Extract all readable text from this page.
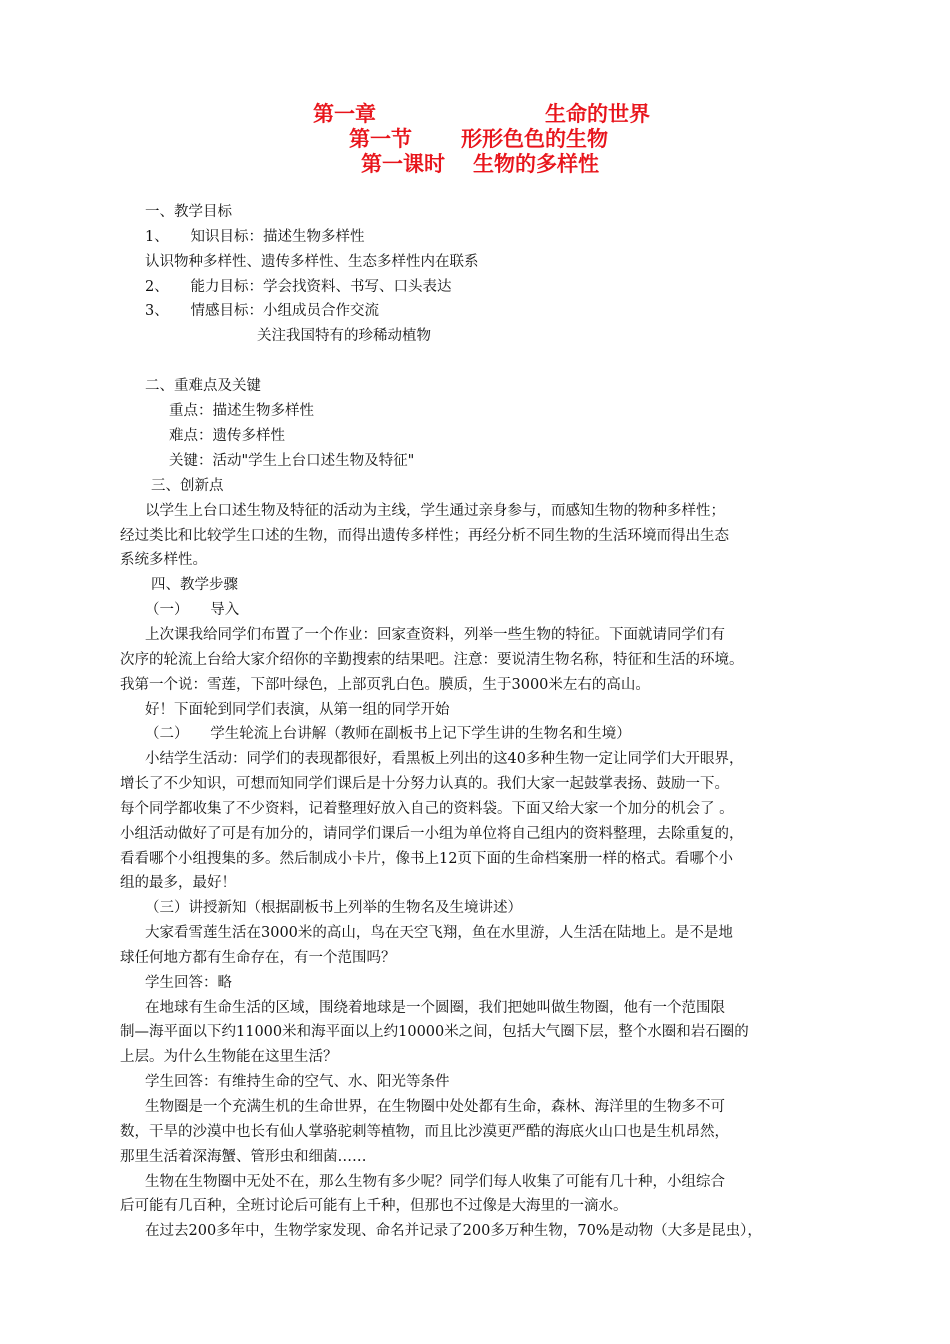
第一章	生命的世界
第一节 形形色色的生物
第一课时 生物的多样性
一、教学目标
1、　　知识目标：描述生物多样性
认识物种多样性、遗传多样性、生态多样性内在联系
2、　　能力目标：学会找资料、书写、口头表达
3、　　情感目标：小组成员合作交流
关注我国特有的珍稀动植物
二、重难点及关键
重点：描述生物多样性
难点：遗传多样性
关键：活动"学生上台口述生物及特征"
三、创新点
以学生上台口述生物及特征的活动为主线，学生通过亲身参与，而感知生物的物种多样性；
经过类比和比较学生口述的生物，而得出遗传多样性；再经分析不同生物的生活环境而得出生态
系统多样性。
四、教学步骤
（一）　　导入
上次课我给同学们布置了一个作业：回家查资料，列举一些生物的特征。下面就请同学们有
次序的轮流上台给大家介绍你的辛勤搜索的结果吧。注意：要说清生物名称，特征和生活的环境。
我第一个说：雪莲，下部叶绿色，上部页乳白色。膜质，生于3000米左右的高山。
好！下面轮到同学们表演，从第一组的同学开始
（二）　　学生轮流上台讲解（教师在副板书上记下学生讲的生物名和生境）
小结学生活动：同学们的表现都很好，看黑板上列出的这40多种生物一定让同学们大开眼界，
增长了不少知识，可想而知同学们课后是十分努力认真的。我们大家一起鼓掌表扬、鼓励一下。
每个同学都收集了不少资料，记着整理好放入自己的资料袋。下面又给大家一个加分的机会了 。
小组活动做好了可是有加分的，请同学们课后一小组为单位将自己组内的资料整理，去除重复的，
看看哪个小组搜集的多。然后制成小卡片，像书上12页下面的生命档案册一样的格式。看哪个小
组的最多，最好！
（三）讲授新知（根据副板书上列举的生物名及生境讲述）
大家看雪莲生活在3000米的高山，鸟在天空飞翔，鱼在水里游，人生活在陆地上。是不是地
球任何地方都有生命存在，有一个范围吗？
学生回答：略
在地球有生命生活的区域，围绕着地球是一个圆圈，我们把她叫做生物圈，他有一个范围限
制—海平面以下约11000米和海平面以上约10000米之间，包括大气圈下层，整个水圈和岩石圈的
上层。为什么生物能在这里生活？
学生回答：有维持生命的空气、水、阳光等条件
生物圈是一个充满生机的生命世界，在生物圈中处处都有生命，森林、海洋里的生物多不可
数，干旱的沙漠中也长有仙人掌骆驼刺等植物，而且比沙漠更严酷的海底火山口也是生机昂然，
那里生活着深海蟹、管形虫和细菌……
生物在生物圈中无处不在，那么生物有多少呢？同学们每人收集了可能有几十种，小组综合
后可能有几百种，全班讨论后可能有上千种，但那也不过像是大海里的一滴水。
在过去200多年中，生物学家发现、命名并记录了200多万种生物，70%是动物（大多是昆虫），
